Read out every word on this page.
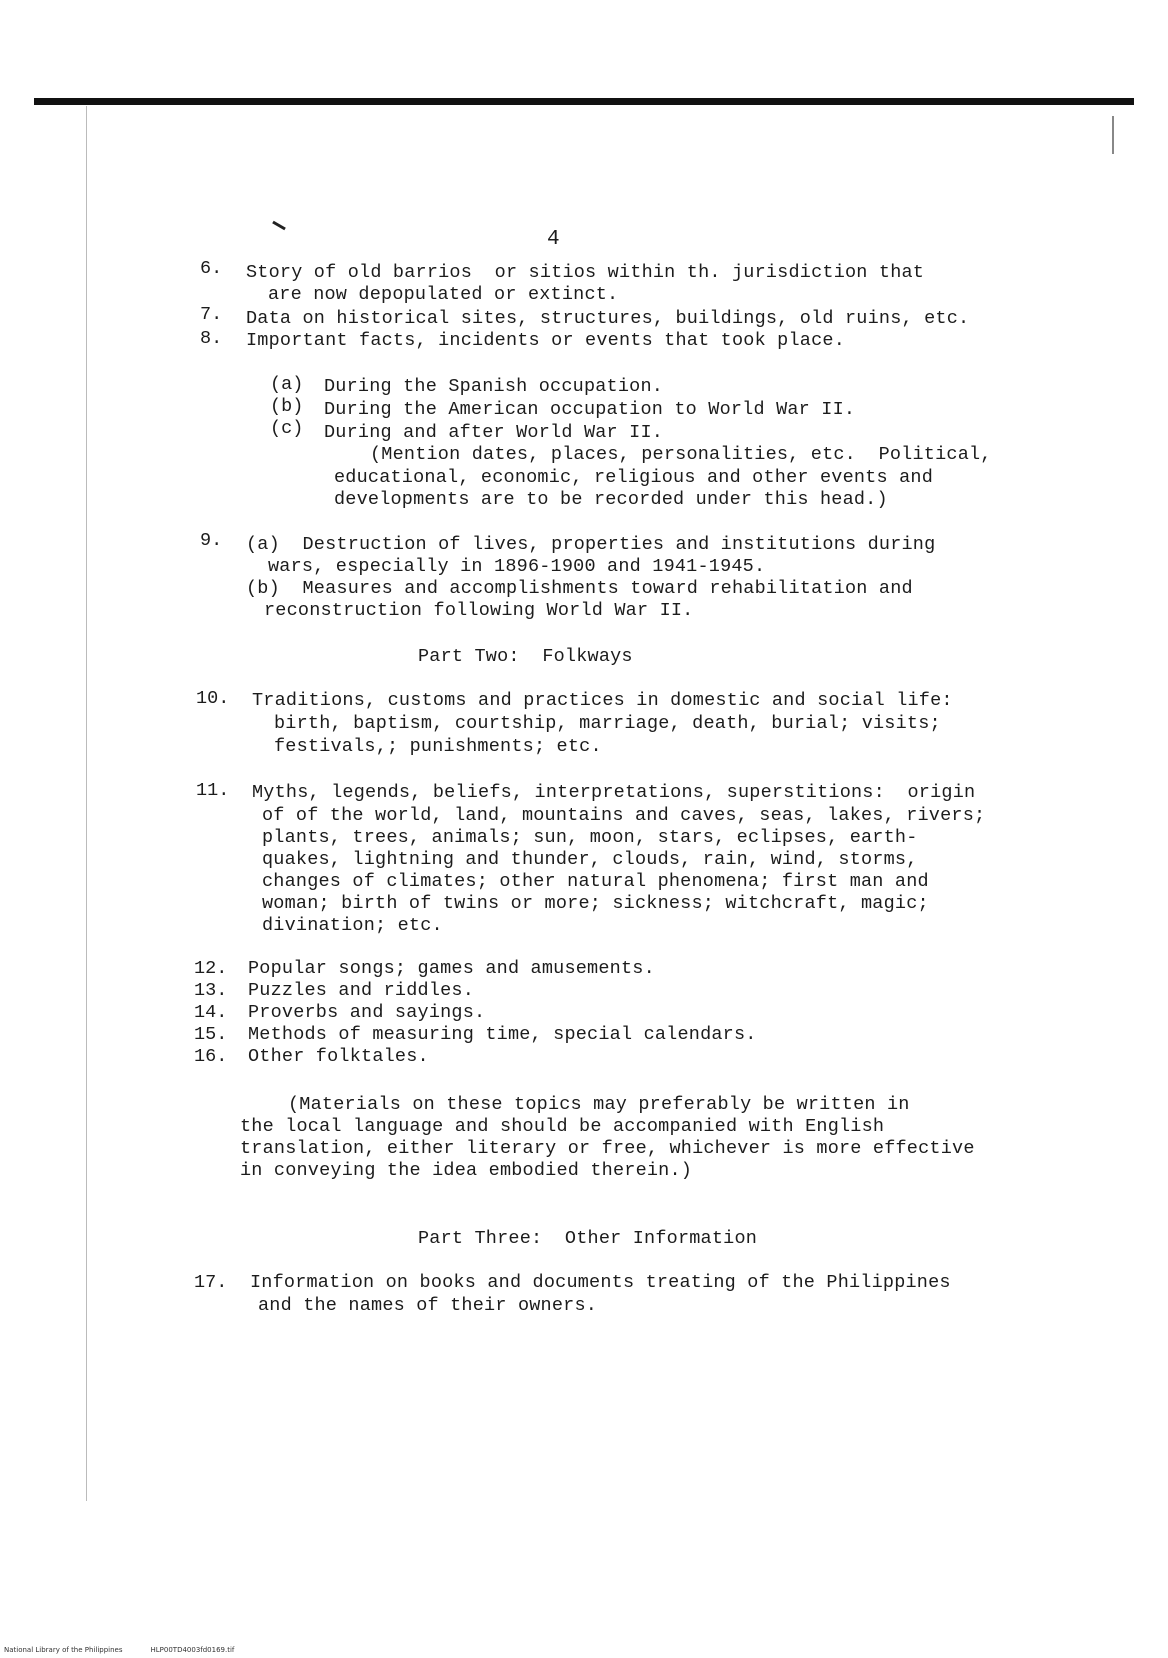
4
6. Story of old barrios  or sitios within th. jurisdiction that
are now depopulated or extinct.
7. Data on historical sites, structures, buildings, old ruins, etc.
8. Important facts, incidents or events that took place.
(a) During the Spanish occupation.
(b) During the American occupation to World War II.
(c) During and after World War II.
(Mention dates, places, personalities, etc.  Political,
educational, economic, religious and other events and
developments are to be recorded under this head.)
9. (a)  Destruction of lives, properties and institutions during
wars, especially in 1896-1900 and 1941-1945.
(b)  Measures and accomplishments toward rehabilitation and
reconstruction following World War II.
Part Two:  Folkways
10. Traditions, customs and practices in domestic and social life:
birth, baptism, courtship, marriage, death, burial; visits;
festivals,; punishments; etc.
11. Myths, legends, beliefs, interpretations, superstitions:  origin
of of the world, land, mountains and caves, seas, lakes, rivers;
plants, trees, animals; sun, moon, stars, eclipses, earth-
quakes, lightning and thunder, clouds, rain, wind, storms,
changes of climates; other natural phenomena; first man and
woman; birth of twins or more; sickness; witchcraft, magic;
divination; etc.
12. Popular songs; games and amusements.
13. Puzzles and riddles.
14. Proverbs and sayings.
15. Methods of measuring time, special calendars.
16. Other folktales.
(Materials on these topics may preferably be written in
the local language and should be accompanied with English
translation, either literary or free, whichever is more effective
in conveying the idea embodied therein.)
Part Three:  Other Information
17. Information on books and documents treating of the Philippines
and the names of their owners.
National Library of the Philippines	HLP00TD4003fd0169.tif
